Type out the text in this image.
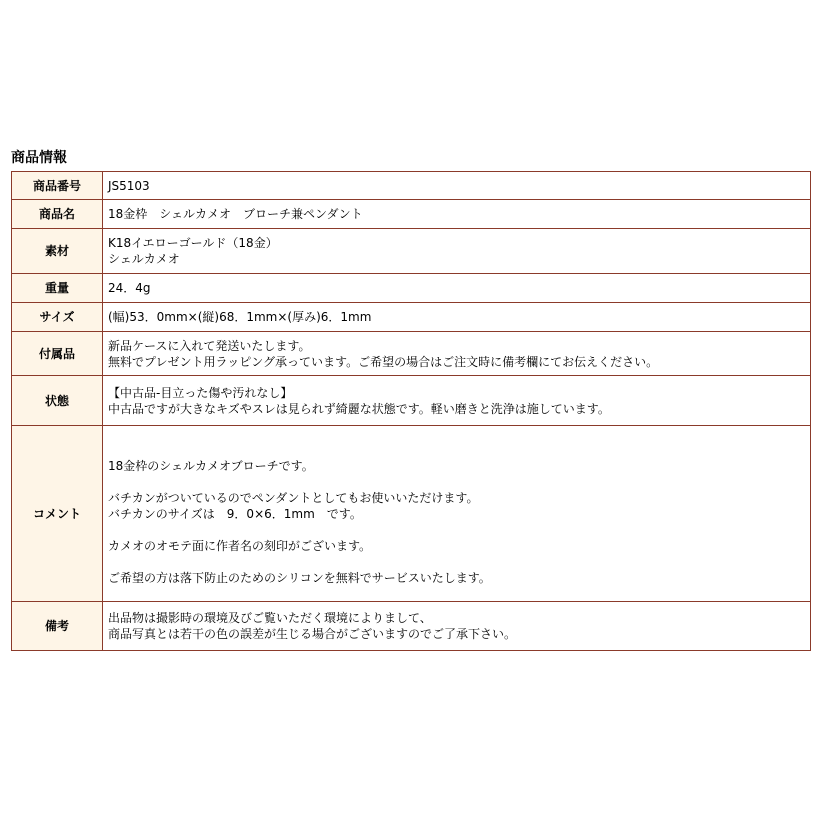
商品情報
商品番号	JS5103

商品名	18金枠　シェルカメオ　ブローチ兼ペンダント

素材	K18イエローゴールド（18金）
シェルカメオ

重量	24．4g

サイズ	(幅)53．0mm×(縦)68．1mm×(厚み)6．1mm

付属品	新品ケースに入れて発送いたします。
無料でプレゼント用ラッピング承っています。ご希望の場合はご注文時に備考欄にてお伝えください。

状態	【中古品-目立った傷や汚れなし】
中古品ですが大きなキズやスレは見られず綺麗な状態です。軽い磨きと洗浄は施しています。

コメント	18金枠のシェルカメオブローチです。
バチカンがついているのでペンダントとしてもお使いいただけます。
バチカンのサイズは　9．0×6．1mm　です。
カメオのオモテ面に作者名の刻印がございます。
ご希望の方は落下防止のためのシリコンを無料でサービスいたします。

備考	出品物は撮影時の環境及びご覧いただく環境によりまして、
商品写真とは若干の色の誤差が生じる場合がございますのでご了承下さい。
